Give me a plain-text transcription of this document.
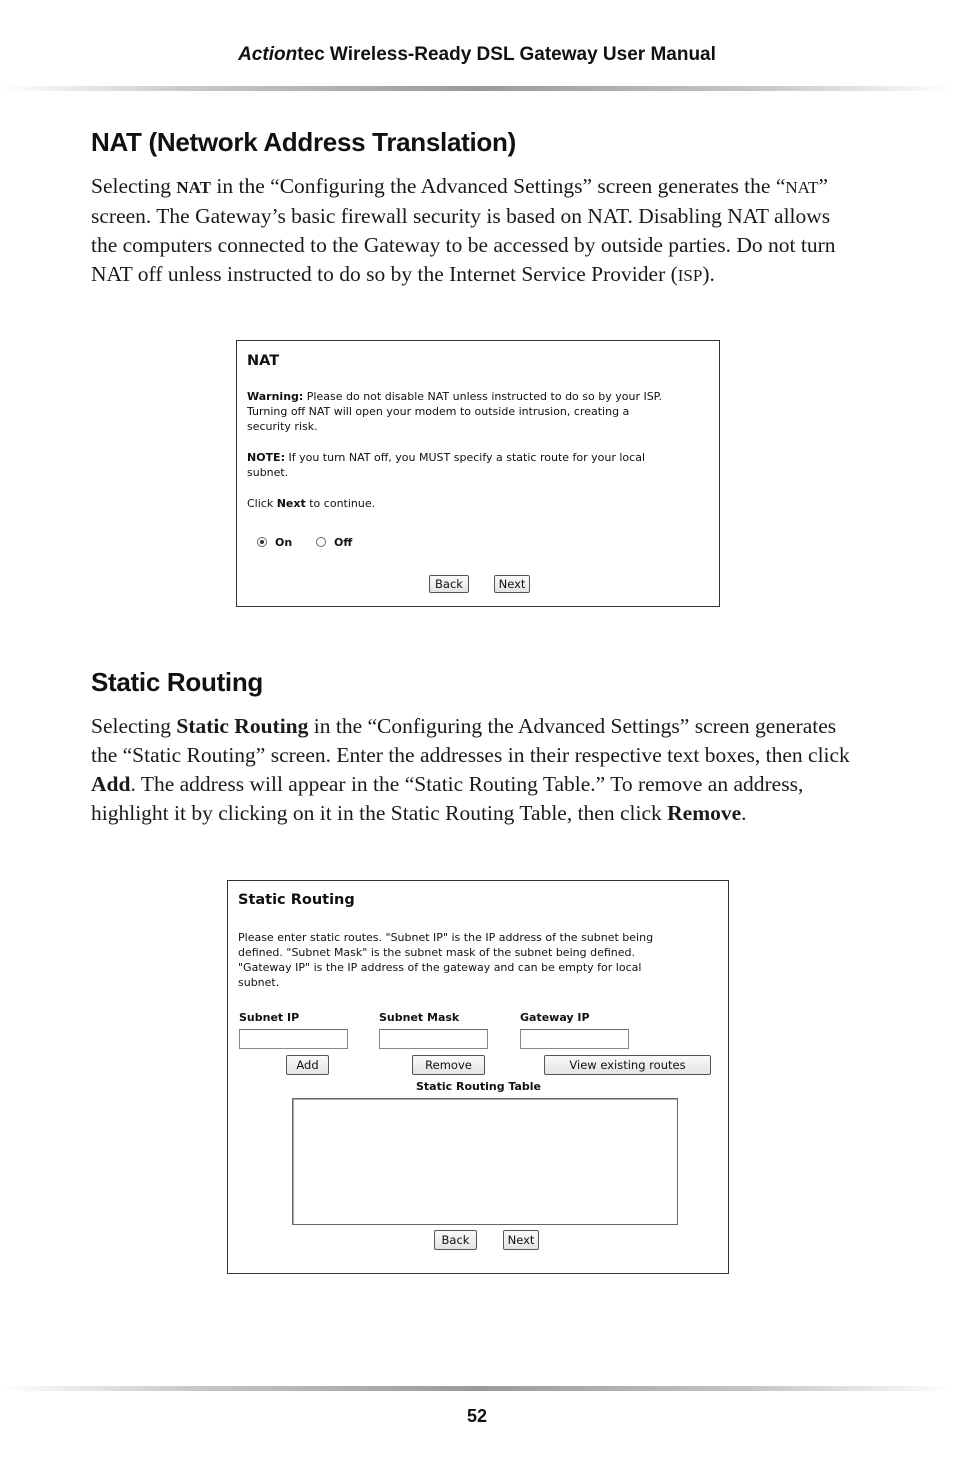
Actiontec Wireless-Ready DSL Gateway User Manual
NAT (Network Address Translation)

Selecting NAT in the “Configuring the Advanced Settings” screen generates the “NAT” screen. The Gateway’s basic firewall security is based on NAT. Disabling NAT allows the computers connected to the Gateway to be accessed by outside parties. Do not turn NAT off unless instructed to do so by the Internet Service Provider (ISP).

NAT
Warning: Please do not disable NAT unless instructed to do so by your ISP.
Turning off NAT will open your modem to outside intrusion, creating a
security risk.
NOTE: If you turn NAT off, you MUST specify a static route for your local
subnet.
Click Next to continue.
On	Off
Back	Next
Static Routing

Selecting Static Routing in the “Configuring the Advanced Settings” screen generates the “Static Routing” screen. Enter the addresses in their respective text boxes, then click Add. The address will appear in the “Static Routing Table.” To remove an address, highlight it by clicking on it in the Static Routing Table, then click Remove.

Static Routing
Please enter static routes. "Subnet IP" is the IP address of the subnet being
defined. "Subnet Mask" is the subnet mask of the subnet being defined.
"Gateway IP" is the IP address of the gateway and can be empty for local
subnet.
Subnet IP	Subnet Mask	Gateway IP
Add	Remove	View existing routes
Static Routing Table
Back	Next
52
